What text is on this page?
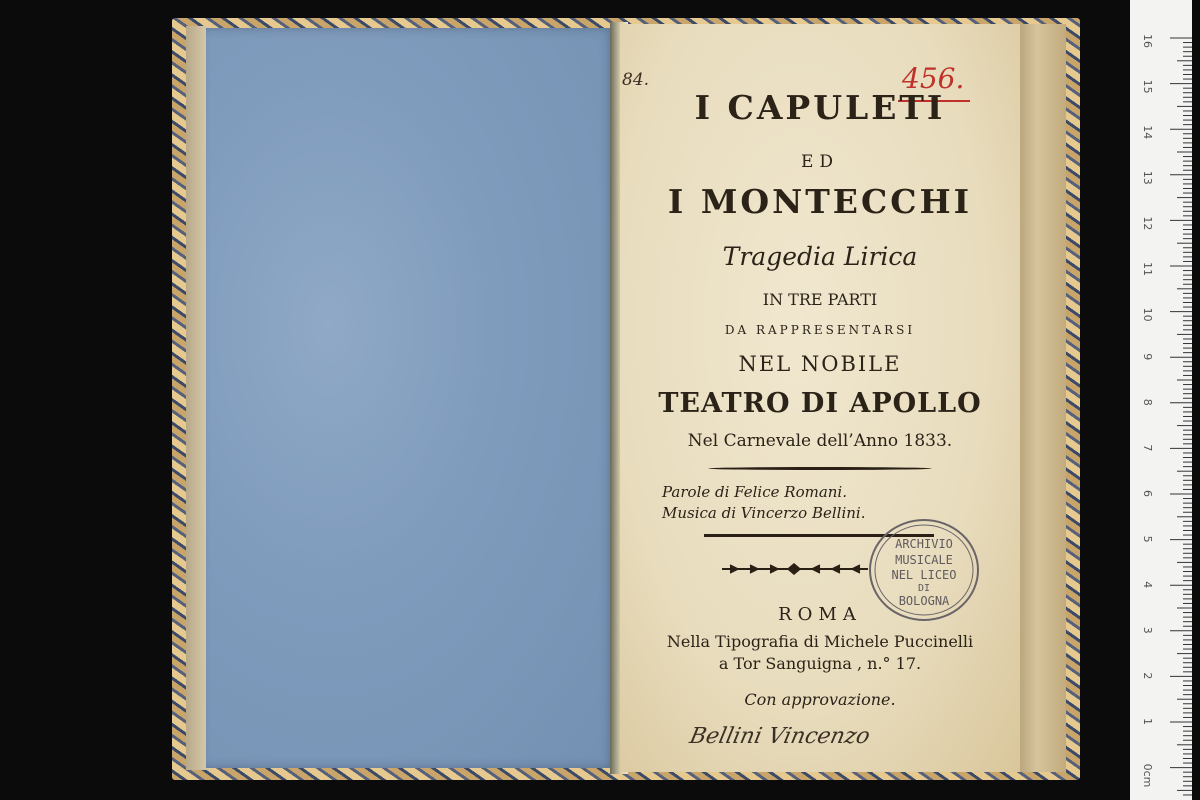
84.	456.
I CAPULETI
ED
I MONTECCHI
Tragedia Lirica
IN TRE PARTI
DA RAPPRESENTARSI
NEL NOBILE
TEATRO DI APOLLO
Nel Carnevale dell’Anno 1833.
Parole di Felice Romani.
Musica di Vincerzo Bellini.
ARCHIVIO
MUSICALE
NEL LICEO
DI
BOLOGNA
ROMA
Nella Tipografia di Michele Puccinelli
a Tor Sanguigna , n.° 17.
Con approvazione.
Bellini Vincenzo
16
15
14
13
12
11
10
9
8
7
6
5
4
3
2
1
0cm
